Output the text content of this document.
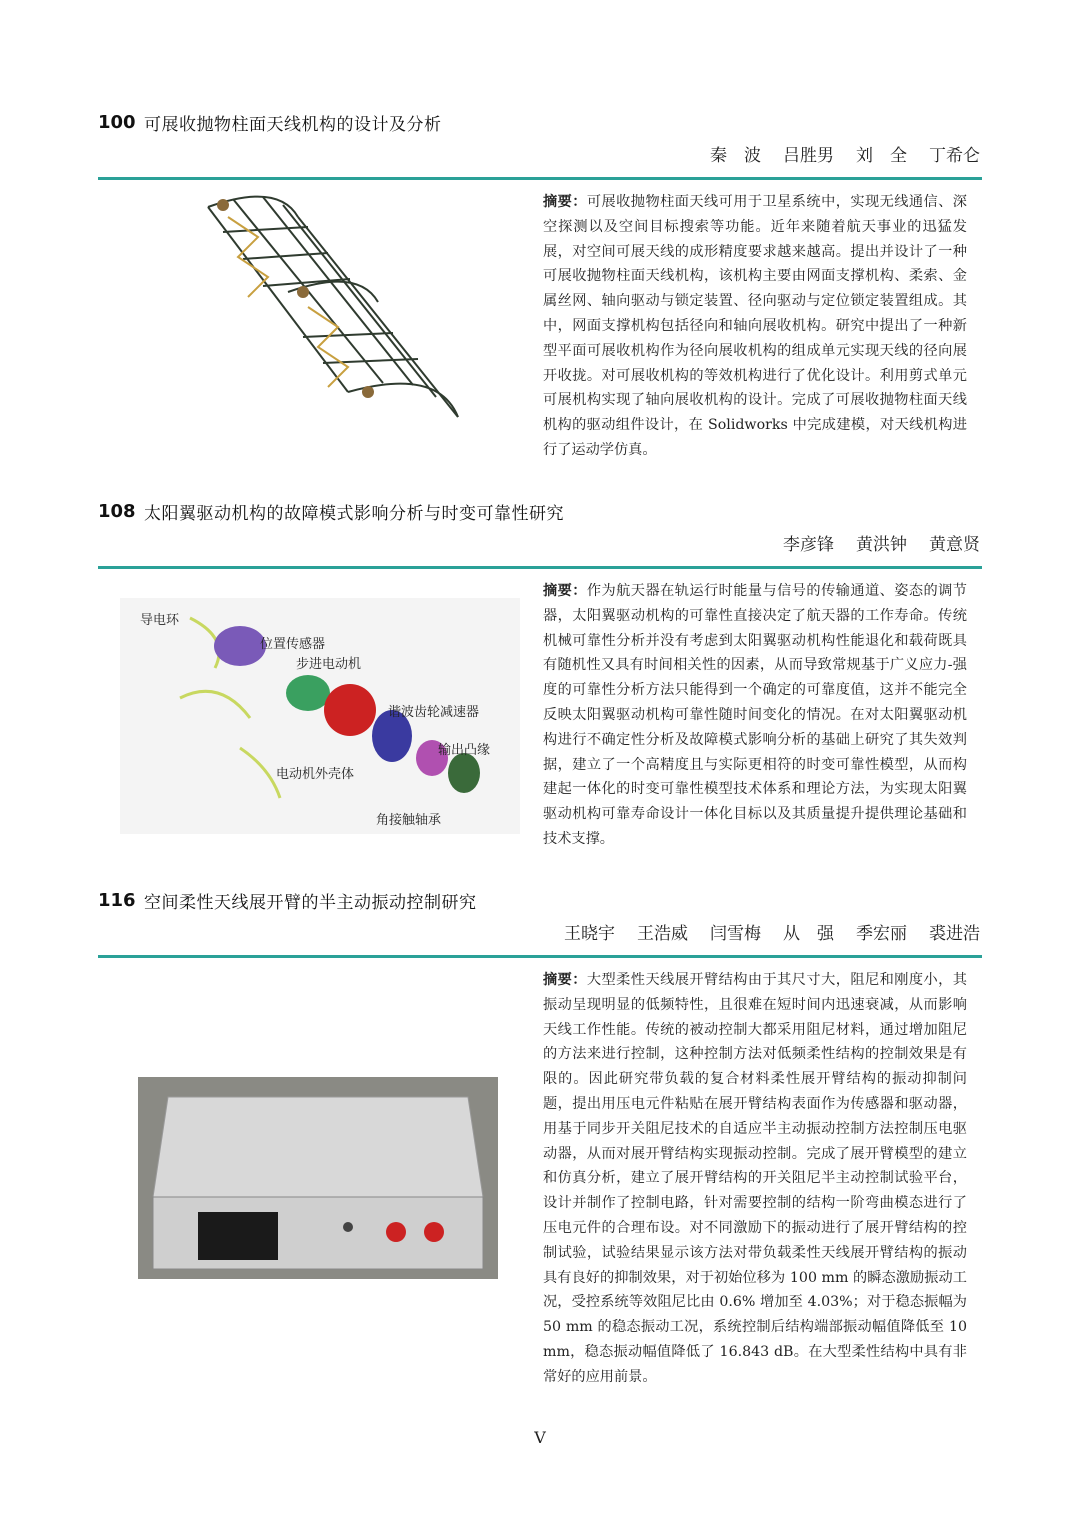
100 可展收抛物柱面天线机构的设计及分析
秦　波 吕胜男 刘　全 丁希仑

摘要：可展收抛物柱面天线可用于卫星系统中，实现无线通信、深空探测以及空间目标搜索等功能。近年来随着航天事业的迅猛发展，对空间可展天线的成形精度要求越来越高。提出并设计了一种可展收抛物柱面天线机构，该机构主要由网面支撑机构、柔索、金属丝网、轴向驱动与锁定装置、径向驱动与定位锁定装置组成。其中，网面支撑机构包括径向和轴向展收机构。研究中提出了一种新型平面可展收机构作为径向展收机构的组成单元实现天线的径向展开收拢。对可展收机构的等效机构进行了优化设计。利用剪式单元可展机构实现了轴向展收机构的设计。完成了可展收抛物柱面天线机构的驱动组件设计，在 Solidworks 中完成建模，对天线机构进行了运动学仿真。

108 太阳翼驱动机构的故障模式影响分析与时变可靠性研究
李彦锋 黄洪钟 黄意贤
导电环
位置传感器
步进电动机
谐波齿轮减速器
输出凸缘
电动机外壳体
角接触轴承

摘要：作为航天器在轨运行时能量与信号的传输通道、姿态的调节器，太阳翼驱动机构的可靠性直接决定了航天器的工作寿命。传统机械可靠性分析并没有考虑到太阳翼驱动机构性能退化和载荷既具有随机性又具有时间相关性的因素，从而导致常规基于广义应力-强度的可靠性分析方法只能得到一个确定的可靠度值，这并不能完全反映太阳翼驱动机构可靠性随时间变化的情况。在对太阳翼驱动机构进行不确定性分析及故障模式影响分析的基础上研究了其失效判据，建立了一个高精度且与实际更相符的时变可靠性模型，从而构建起一体化的时变可靠性模型技术体系和理论方法，为实现太阳翼驱动机构可靠寿命设计一体化目标以及其质量提升提供理论基础和技术支撑。

116 空间柔性天线展开臂的半主动振动控制研究
王晓宇 王浩威 闫雪梅 从　强 季宏丽 裘进浩

摘要：大型柔性天线展开臂结构由于其尺寸大，阻尼和刚度小，其振动呈现明显的低频特性，且很难在短时间内迅速衰减，从而影响天线工作性能。传统的被动控制大都采用阻尼材料，通过增加阻尼的方法来进行控制，这种控制方法对低频柔性结构的控制效果是有限的。因此研究带负载的复合材料柔性展开臂结构的振动抑制问题，提出用压电元件粘贴在展开臂结构表面作为传感器和驱动器，用基于同步开关阻尼技术的自适应半主动振动控制方法控制压电驱动器，从而对展开臂结构实现振动控制。完成了展开臂模型的建立和仿真分析，建立了展开臂结构的开关阻尼半主动控制试验平台，设计并制作了控制电路，针对需要控制的结构一阶弯曲模态进行了压电元件的合理布设。对不同激励下的振动进行了展开臂结构的控制试验，试验结果显示该方法对带负载柔性天线展开臂结构的振动具有良好的抑制效果，对于初始位移为 100 mm 的瞬态激励振动工况，受控系统等效阻尼比由 0.6% 增加至 4.03%；对于稳态振幅为 50 mm 的稳态振动工况，系统控制后结构端部振动幅值降低至 10 mm，稳态振动幅值降低了 16.843 dB。在大型柔性结构中具有非常好的应用前景。

V
